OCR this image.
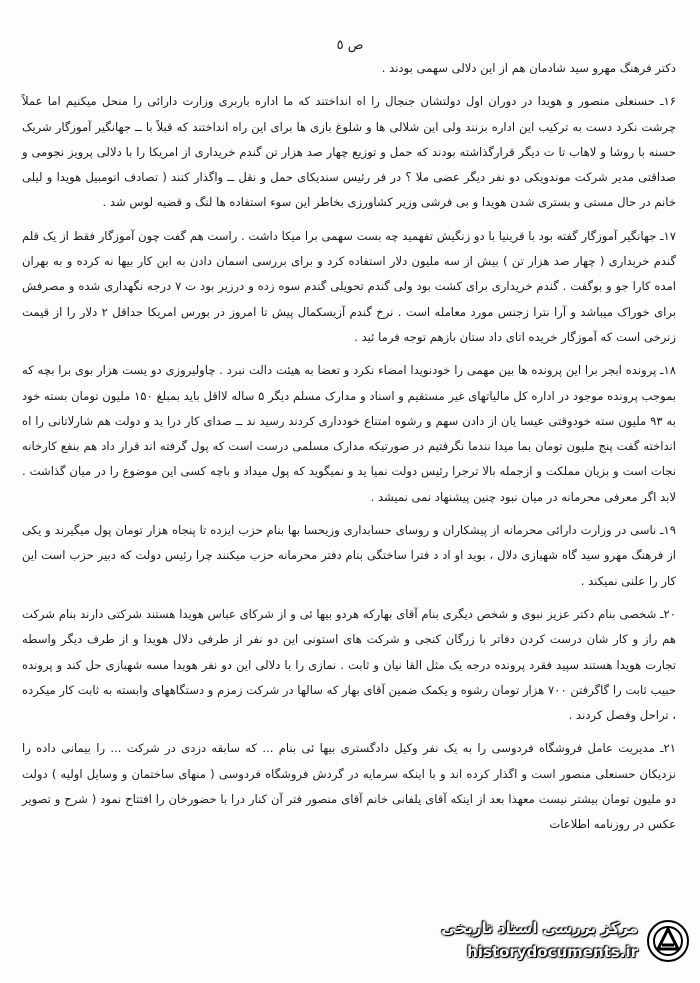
ص ٥

دکتر فرهنگ مهرو سید شادمان هم از این دلالی سهمی بودند .

۱۶ـ حسنعلی منصور و هویدا در دوران اول دولتشان جنجال را اه انداختند که ما اداره باربری وزارت دارائی را منحل میکنیم اما عملاً چرشت نکرد دست به ترکیب این اداره بزنند ولی این شلالی ها و شلوغ بازی ها برای این راه انداختند که قبلاً با ــ جهانگیر آموزگار شریک حسنه با روشا و لاهاب تا ت دیگر قرارگذاشته بودند که حمل و توزیع چهار صد هزار تن گندم خریداری از امریکا را با دلالی پرویز نجومی و صداقتی مدیر شرکت موندویکی دو نفر دیگر عضی ملا ؟ در فر رئیس سندیکای حمل و نقل ــ واگذار کنند ( تصادف اتومبیل هویدا و لیلی خانم در حال مستی و بستری شدن هویدا و بی فرشی وزیر کشاورزی بخاطر این سوء استفاده ها لنگ و قضیه لوس شد .

۱۷ـ جهانگیر آموزگار گفته بود با قرینیا با دو زنگیش تفهمید چه بست سهمی برا میکا داشت . راست هم گفت چون آموزگار فقط از یک قلم گندم خریداری ( چهار صد هزار تن ) بیش از سه ملیون دلار استفاده کرد و برای بررسی اسمان دادن به این کار بیها نه کرده و به بهران امده کارا جو و بوگفت . گندم خریداری برای کشت بود ولی گندم تحویلی گندم سوه زده و درزیر بود ت ۷ درجه نگهداری شده و مصرفش برای خوراک میباشد و آرا نترا زجنس مورد معامله است . نرخ گندم آزیسکمال پیش تا امروز در بورس امریکا حداقل ۲ دلار را از قیمت زنرخی است که آموزگار خریده اتای داد ستان بازهم توجه فرما ئید .

۱۸ـ پرونده ابجر برا این پرونده ها بین مهمی را خودنویدا امضاء نکرد و تعضا به هیئت دالت نبرد . چاولیروزی دو یست هزار بوی برا بچه که بموجب پرونده موجود در اداره کل مالیاتهای غیر مستقیم و اسناد و مدارک مسلم دیگر ۵ ساله لااقل باید بمبلغ ۱۵۰ ملیون تومان بسته خود به ۹۳ ملیون سته خودوقتی عیسا یان از دادن سهم و رشوه امتناع خودداری کردند رسید ند ــ صدای کار درا ید و دولت هم شارلاتانی را اه انداخته گفت پنج ملیون تومان بما میدا نندما نگرفتیم در صورتیکه مدارک مسلمی درست است که پول گرفته اند قرار داد هم بنفع کارخانه نجات است و بزیان مملکت و ازجمله بالا ترجرا رئیس دولت نمیا ید و نمیگوید که پول میداد و باچه کسی این موضوع را در میان گذاشت . لابد اگر معرفی محرمانه در میان نبود چنین پیشنهاد نمی نمیشد .

۱۹ـ ناسی در وزارت دارائی محرمانه از پیشکاران و روسای حسابداری وزیحسا بها بنام حزب ایزده تا پنجاه هزار تومان پول میگیرند و یکی از فرهنگ مهرو سید گاه شهبازی دلال ، بوید او اد د فترا ساختگی بنام دفتر محرمانه حزب میکنند چرا رئیس دولت که دبیر حزب است این کار را علنی نمیکند .

۲۰ـ شخصی بنام دکتر عزیز نبوی و شخص دیگری بنام آقای بهارکه هردو بیها ئی و از شرکای عباس هویدا هستند شرکتی دارند بنام شرکت هم راز و کار شان درست کردن دفاتر با زرگان کنجی و شرکت های استونی این دو نفر از طرفی دلال هویدا و از طرف دیگر واسطه تجارت هویدا هستند سپید فقرد پرونده درجه یک مثل القا نیان و ثابت . نمازی را با دلالی این دو نفر هویدا مسه شهبازی حل کند و پرونده حبیب ثابت را گاگرفتن ۷۰۰ هزار تومان رشوه و یکمک ضمین آقای بهار که سالها در شرکت زمزم و دستگاههای وابسته به ثابت کار میکرده ، تراحل وفصل کردند .

۲۱ـ مدیریت عامل فروشگاه فردوسی را به یک نفر وکیل دادگستری بیها ئی بنام ... که سابقه دزدی در شرکت ... را بیمانی داده را نزدیکان حسنعلی منصور است و اگذار کرده اند و با اینکه سرمایه در گردش فروشگاه فردوسی ( منهای ساختمان و وسایل اولیه ) دولت دو ملیون تومان بیشتر نیست معهذا بعد از اینکه آقای یلفانی خانم آقای منصور فتر آن کنار درا با حضورخان را افتتاح نمود ( شرح و تصویر عکس در روزنامه اطلاعات

مرکز بررسی اسناد تاریخی
historydocuments.ir
